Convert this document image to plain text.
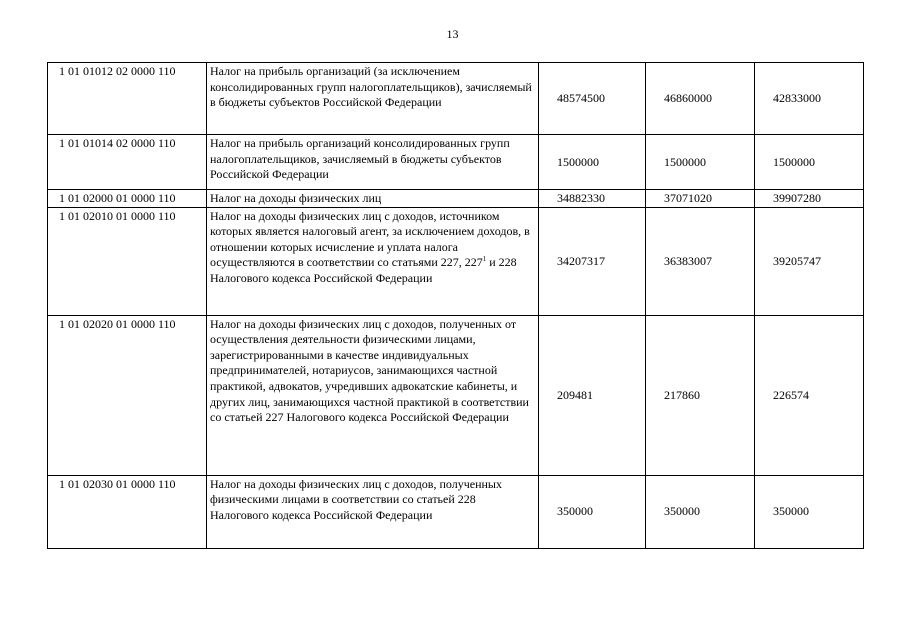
13
1 01 01012 02 0000 110	Налог на прибыль организаций (за исключением консолидированных групп налогоплательщиков), зачисляемый в бюджеты субъектов Российской Федерации	48574500	46860000	42833000
1 01 01014 02 0000 110	Налог на прибыль организаций консолидированных групп налогоплательщиков, зачисляемый в бюджеты субъектов Российской Федерации	1500000	1500000	1500000
1 01 02000 01 0000 110	Налог на доходы физических лиц	34882330	37071020	39907280
1 01 02010 01 0000 110	Налог на доходы физических лиц с доходов, источником которых является налоговый агент, за исключением доходов, в отношении которых исчисление и уплата налога осуществляются в соответствии со статьями 227, $227^1$ и 228 Налогового кодекса Российской Федерации	34207317	36383007	39205747
1 01 02020 01 0000 110	Налог на доходы физических лиц с доходов, полученных от осуществления деятельности физическими лицами, зарегистрированными в качестве индивидуальных предпринимателей, нотариусов, занимающихся частной практикой, адвокатов, учредивших адвокатские кабинеты, и других лиц, занимающихся частной практикой в соответствии со статьей 227 Налогового кодекса Российской Федерации	209481	217860	226574
1 01 02030 01 0000 110	Налог на доходы физических лиц с доходов, полученных физическими лицами в соответствии со статьей 228 Налогового кодекса Российской Федерации	350000	350000	350000
